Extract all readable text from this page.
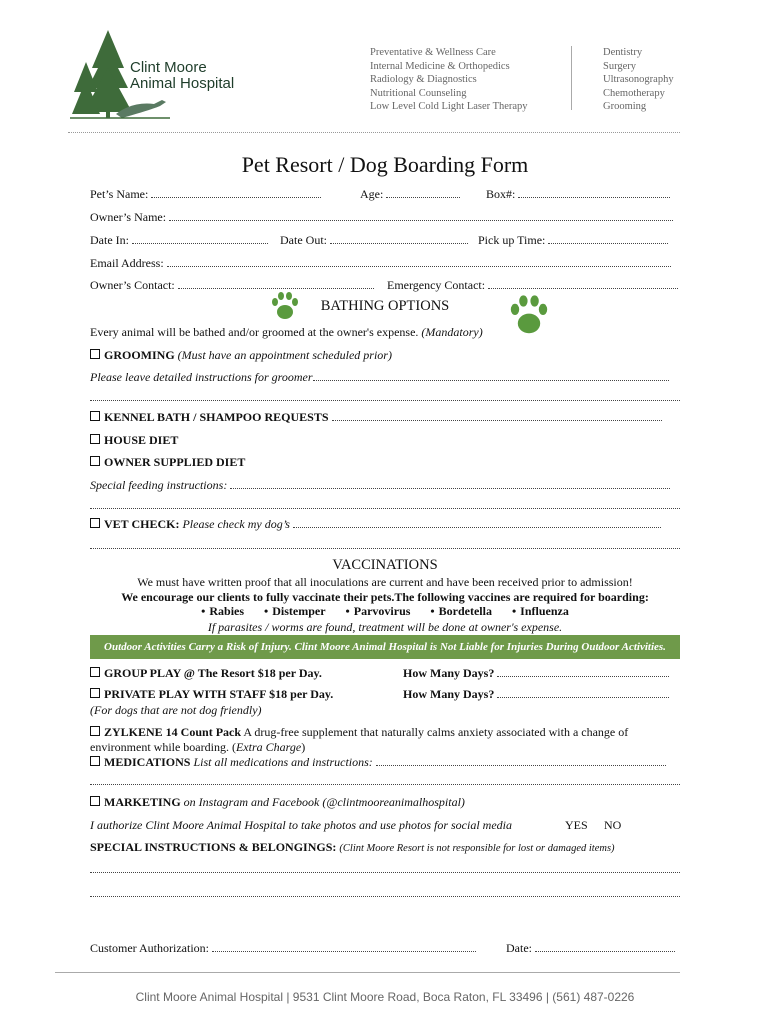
Clint Moore
Animal Hospital
Preventative & Wellness Care
Internal Medicine & Orthopedics
Radiology & Diagnostics
Nutritional Counseling
Low Level Cold Light Laser Therapy
Dentistry
Surgery
Ultrasonography
Chemotherapy
Grooming
Pet Resort / Dog Boarding Form
Pet’s Name:	Age:	Box#:
Owner’s Name:
Date In:	Date Out:	Pick up Time:
Email Address:
Owner’s Contact:	Emergency Contact:
BATHING OPTIONS
Every animal will be bathed and/or groomed at the owner's expense. (Mandatory)
GROOMING (Must have an appointment scheduled prior)
Please leave detailed instructions for groomer
KENNEL BATH / SHAMPOO REQUESTS
HOUSE DIET
OWNER SUPPLIED DIET
Special feeding instructions:
VET CHECK: Please check my dog’s
VACCINATIONS
We must have written proof that all inoculations are current and have been received prior to admission!
We encourage our clients to fully vaccinate their pets.The following vaccines are required for boarding:
• Rabies • Distemper • Parvovirus • Bordetella • Influenza
If parasites / worms are found, treatment will be done at owner's expense.
Outdoor Activities Carry a Risk of Injury. Clint Moore Animal Hospital is Not Liable for Injuries During Outdoor Activities.
GROUP PLAY @ The Resort $18 per Day.	How Many Days?
PRIVATE PLAY WITH STAFF $18 per Day.	How Many Days?
(For dogs that are not dog friendly)
ZYLKENE 14 Count Pack A drug-free supplement that naturally calms anxiety associated with a change of
environment while boarding. (Extra Charge)
MEDICATIONS List all medications and instructions:
MARKETING on Instagram and Facebook (@clintmooreanimalhospital)
I authorize Clint Moore Animal Hospital to take photos and use photos for social media	YES NO
SPECIAL INSTRUCTIONS & BELONGINGS: (Clint Moore Resort is not responsible for lost or damaged items)
Customer Authorization:	Date:
Clint Moore Animal Hospital | 9531 Clint Moore Road, Boca Raton, FL 33496 | (561) 487-0226
